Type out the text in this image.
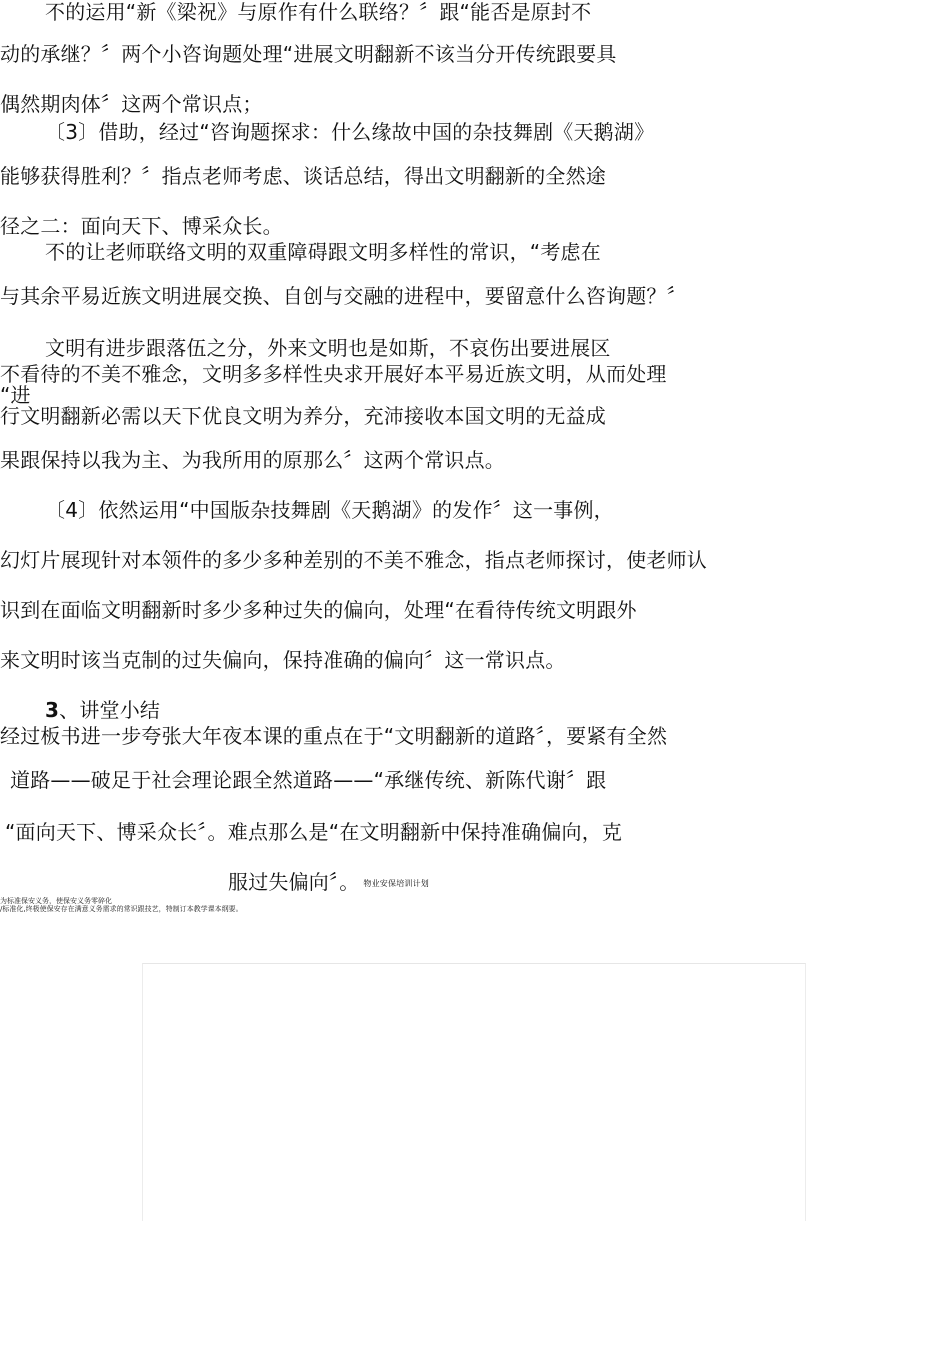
不的运用“新《梁祝》与原作有什么联络？〞跟“能否是原封不
动的承继？〞两个小咨询题处理“进展文明翻新不该当分开传统跟要具
偶然期肉体〞这两个常识点；
〔3〕借助，经过“咨询题探求：什么缘故中国的杂技舞剧《天鹅湖》
能够获得胜利？〞指点老师考虑、谈话总结，得出文明翻新的全然途
径之二：面向天下、博采众长。
不的让老师联络文明的双重障碍跟文明多样性的常识，“考虑在
与其余平易近族文明进展交换、自创与交融的进程中，要留意什么咨询题？〞
文明有进步跟落伍之分，外来文明也是如斯，不哀伤出要进展区
不看待的不美不雅念，文明多多样性央求开展好本平易近族文明，从而处理
“进
行文明翻新必需以天下优良文明为养分，充沛接收本国文明的无益成
果跟保持以我为主、为我所用的原那么〞这两个常识点。
〔4〕依然运用“中国版杂技舞剧《天鹅湖》的发作〞这一事例，
幻灯片展现针对本领件的多少多种差别的不美不雅念，指点老师探讨，使老师认
识到在面临文明翻新时多少多种过失的偏向，处理“在看待传统文明跟外
来文明时该当克制的过失偏向，保持准确的偏向〞这一常识点。
3、讲堂小结
经过板书进一步夸张大年夜本课的重点在于“文明翻新的道路〞，要紧有全然
道路——破足于社会理论跟全然道路——“承继传统、新陈代谢〞跟
“面向天下、博采众长〞。难点那么是“在文明翻新中保持准确偏向，克
服过失偏向〞。 物业安保培训计划
为标准保安义务，使保安义务零碎化
/标准化,终极使保安存在满意义务需求的常识跟技艺，特制订本教学课本纲要。
